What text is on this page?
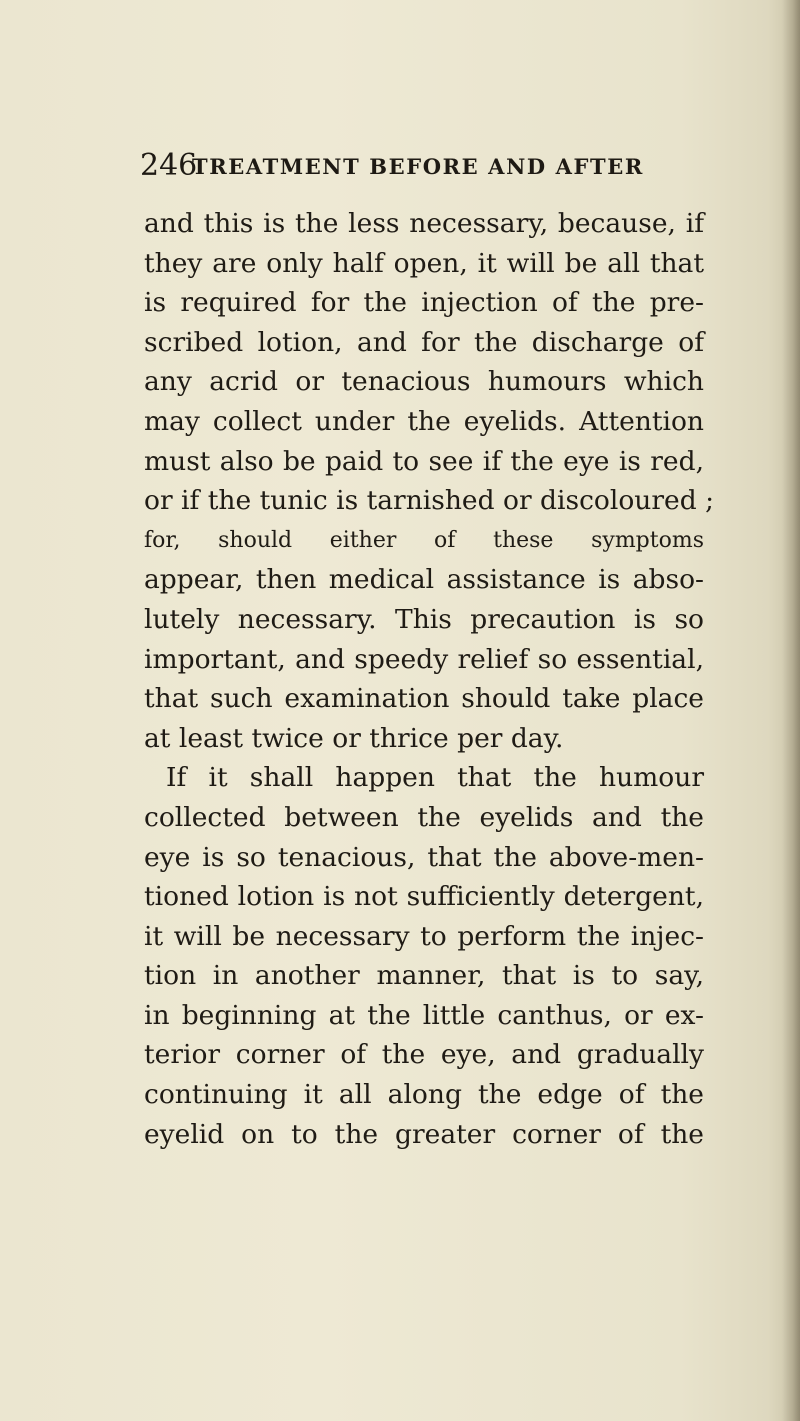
246
TREATMENT BEFORE AND AFTER
and this is the less necessary, because, if
they are only half open, it will be all that
is required for the injection of the pre-
scribed lotion, and for the discharge of
any acrid or tenacious humours which
may collect under the eyelids. Attention
must also be paid to see if the eye is red,
or if the tunic is tarnished or discoloured ;
for, should either of these symptoms
appear, then medical assistance is abso-
lutely necessary. This precaution is so
important, and speedy relief so essential,
that such examination should take place
at least twice or thrice per day.
If it shall happen that the humour
collected between the eyelids and the
eye is so tenacious, that the above-men-
tioned lotion is not sufficiently detergent,
it will be necessary to perform the injec-
tion in another manner, that is to say,
in beginning at the little canthus, or ex-
terior corner of the eye, and gradually
continuing it all along the edge of the
eyelid on to the greater corner of the
